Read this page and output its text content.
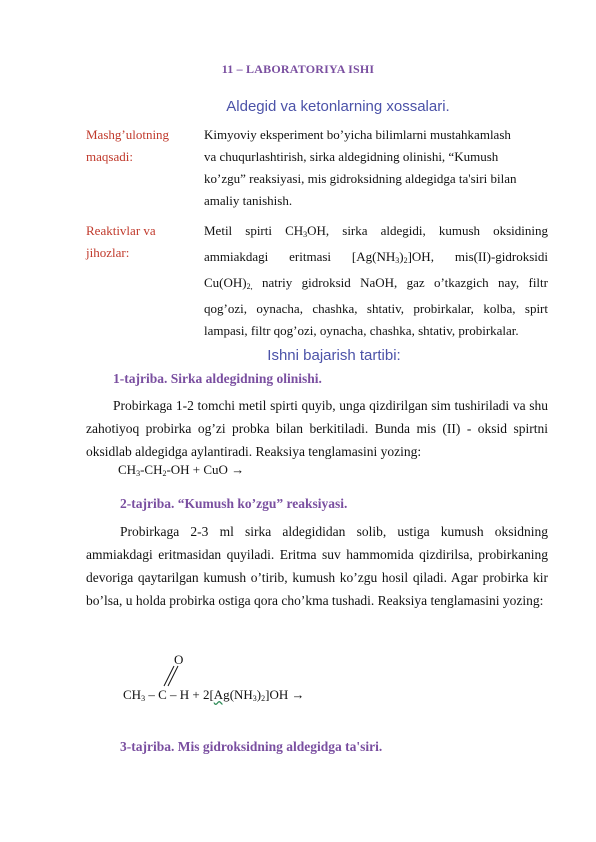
11 – LABORATORIYA ISHI
Aldegid va ketonlarning xossalari.
Mashg’ulotning
maqsadi:
Kimyoviy eksperiment bo’yicha bilimlarni mustahkamlash
va chuqurlashtirish, sirka aldegidning olinishi, “Kumush
ko’zgu” reaksiyasi, mis gidroksidning aldegidga ta'siri bilan
amaliy tanishish.
Reaktivlar va
jihozlar:
Metil spirti $CH_3OH$, sirka aldegidi, kumush oksidining
ammiakdagi eritmasi $[Ag(NH_3)_2]OH$, mis(II)-gidroksidi
$Cu(OH)_{2,}$ natriy gidroksid NaOH, gaz o’tkazgich nay, filtr
qog’ozi, oynacha, chashka, shtativ, probirkalar, kolba, spirt
lampasi, filtr qog’ozi, oynacha, chashka, shtativ, probirkalar.
Ishni bajarish tartibi:
1-tajriba. Sirka aldegidning olinishi.
Probirkaga 1-2 tomchi metil spirti quyib, unga qizdirilgan sim tushiriladi va shu zahotiyoq probirka og’zi probka bilan berkitiladi. Bunda mis (II) - oksid spirtni oksidlab aldegidga aylantiradi. Reaksiya tenglamasini yozing:
$CH_3-CH_2-OH$ + CuO →
2-tajriba. “Kumush ko’zgu” reaksiyasi.
Probirkaga 2-3 ml sirka aldegididan solib, ustiga kumush oksidning ammiakdagi eritmasidan quyiladi. Eritma suv hammomida qizdirilsa, probirkaning devoriga qaytarilgan kumush o’tirib, kumush ko’zgu hosil qiladi. Agar probirka kir bo’lsa, u holda probirka ostiga qora cho’kma tushadi. Reaksiya tenglamasini yozing:
O
$CH_3 - C - H + 2[Ag(NH_3)_2]OH$ →
3-tajriba. Mis gidroksidning aldegidga ta'siri.
